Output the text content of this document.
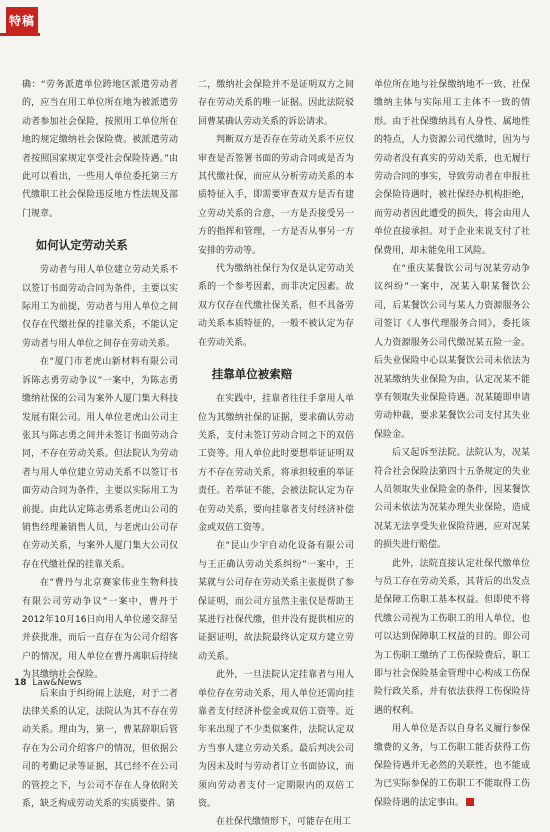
特稿

确：“劳务派遣单位跨地区派遣劳动者的，应当在用工单位所在地为被派遣劳动者参加社会保险，按照用工单位所在地的规定缴纳社会保险费。被派遣劳动者按照国家规定享受社会保险待遇。”由此可以看出，一些用人单位委托第三方代缴职工社会保险违反地方性法规及部门规章。

如何认定劳动关系

劳动者与用人单位建立劳动关系不以签订书面劳动合同为条件，主要以实际用工为前提，劳动者与用人单位之间仅存在代缴社保的挂靠关系，不能认定劳动者与用人单位之间存在劳动关系。

在“厦门市老虎山新材料有限公司诉陈志勇劳动争议”一案中，为陈志勇缴纳社保的公司为案外人厦门集大科技发展有限公司。用人单位老虎山公司主张其与陈志勇之间并未签订书面劳动合同，不存在劳动关系。但法院认为劳动者与用人单位建立劳动关系不以签订书面劳动合同为条件，主要以实际用工为前提。由此认定陈志勇系老虎山公司的销售经理兼销售人员，与老虎山公司存在劳动关系，与案外人厦门集大公司仅存在代缴社保的挂靠关系。

在“曹丹与北京赛家伟业生物科技有限公司劳动争议”一案中，曹丹于2012年10月16日向用人单位递交辞呈并获批准，而后一直存在为公司介绍客户的情况，用人单位在曹丹离职后持续为其缴纳社会保险。

后来由于纠纷闹上法庭，对于二者法律关系的认定，法院认为其不存在劳动关系。理由为，第一，曹某辞职后管存在为公司介绍客户的情况，但依据公司的考勤记录等证据，其已经不在公司的管控之下，与公司不存在人身依附关系，缺乏构成劳动关系的实质要件。第

二，缴纳社会保险并不是证明双方之间存在劳动关系的唯一证据。因此法院驳回曹某确认劳动关系的诉讼请求。

判断双方是否存在劳动关系不应仅审查是否签署书面的劳动合同或是否为其代缴社保，而应从分析劳动关系的本质特征入手，即需要审查双方是否有建立劳动关系的合意，一方是否接受另一方的指挥和管理，一方是否从事另一方安排的劳动等。

代为缴纳社保行为仅是认定劳动关系的一个参考因素，而非决定因素。故双方仅存在代缴社保关系，但不具备劳动关系本质特征的，一般不被认定为存在劳动关系。

挂靠单位被索赔

在实践中，挂靠者往往手拿用人单位为其缴纳社保的证据，要求确认劳动关系，支付未签订劳动合同之下的双倍工资等。用人单位此时要想举证证明双方不存在劳动关系，将承担较重的举证责任。若举证不能，会被法院认定为存在劳动关系，要向挂靠者支付经济补偿金或双倍工资等。

在“昆山少宇自动化设备有限公司与王正确认劳动关系纠纷”一案中，王某就与公司存在劳动关系主张提供了参保证明，而公司方虽然主张仅是帮助王某进行社保代缴，但并没有提供相应的证据证明，故法院最终认定双方建立劳动关系。

此外，一旦法院认定挂靠者与用人单位存在劳动关系，用人单位还需向挂靠者支付经济补偿金或双倍工资等。近年来出现了不少类似案件，法院认定双方当事人建立劳动关系。最后判决公司为因未及时与劳动者订立书面协议，而须向劳动者支付一定期限内的双倍工资。

在社保代缴情形下，可能存在用工

单位所在地与社保缴纳地不一致、社保缴纳主体与实际用工主体不一致的情形。由于社保缴纳具有人身性、属地性的特点，人力资源公司代缴时，因为与劳动者没有真实的劳动关系，也无履行劳动合同的事实，导致劳动者在申报社会保险待遇时，被社保经办机构拒绝，而劳动者因此遭受的损失，将会由用人单位直接承担。对于企业来说支付了社保费用，却未能免用工风险。

在“重庆某餐饮公司与况某劳动争议纠纷”一案中，况某入职某餐饮公司，后某餐饮公司与某人力资源服务公司签订《人事代理服务合同》，委托该人力资源服务公司代缴况某五险一金。后失业保险中心以某餐饮公司未依法为况某缴纳失业保险为由，认定况某不能享有领取失业保险待遇。况某随即申请劳动仲裁，要求某餐饮公司支付其失业保险金。

后又起诉至法院。法院认为，况某符合社会保险法第四十五条规定的失业人员领取失业保险金的条件，因某餐饮公司未依法为况某办理失业保险，造成况某无法享受失业保险待遇，应对况某的损失进行赔偿。

此外，法院直接认定社保代缴单位与员工存在劳动关系，其背后的出发点是保障工伤职工基本权益。但即使不将代缴公司视为工伤职工的用人单位，也可以达到保障职工权益的目的。即公司为工伤职工缴纳了工伤保险费后，职工即与社会保险基金管理中心构成工伤保险行政关系，并有依法获得工伤保险待遇的权利。

用人单位是否以自身名义履行参保缴费的义务，与工伤职工能否获得工伤保险待遇并无必然的关联性，也不能成为已实际参保的工伤职工不能取得工伤保险待遇的法定事由。

18 Law&News
